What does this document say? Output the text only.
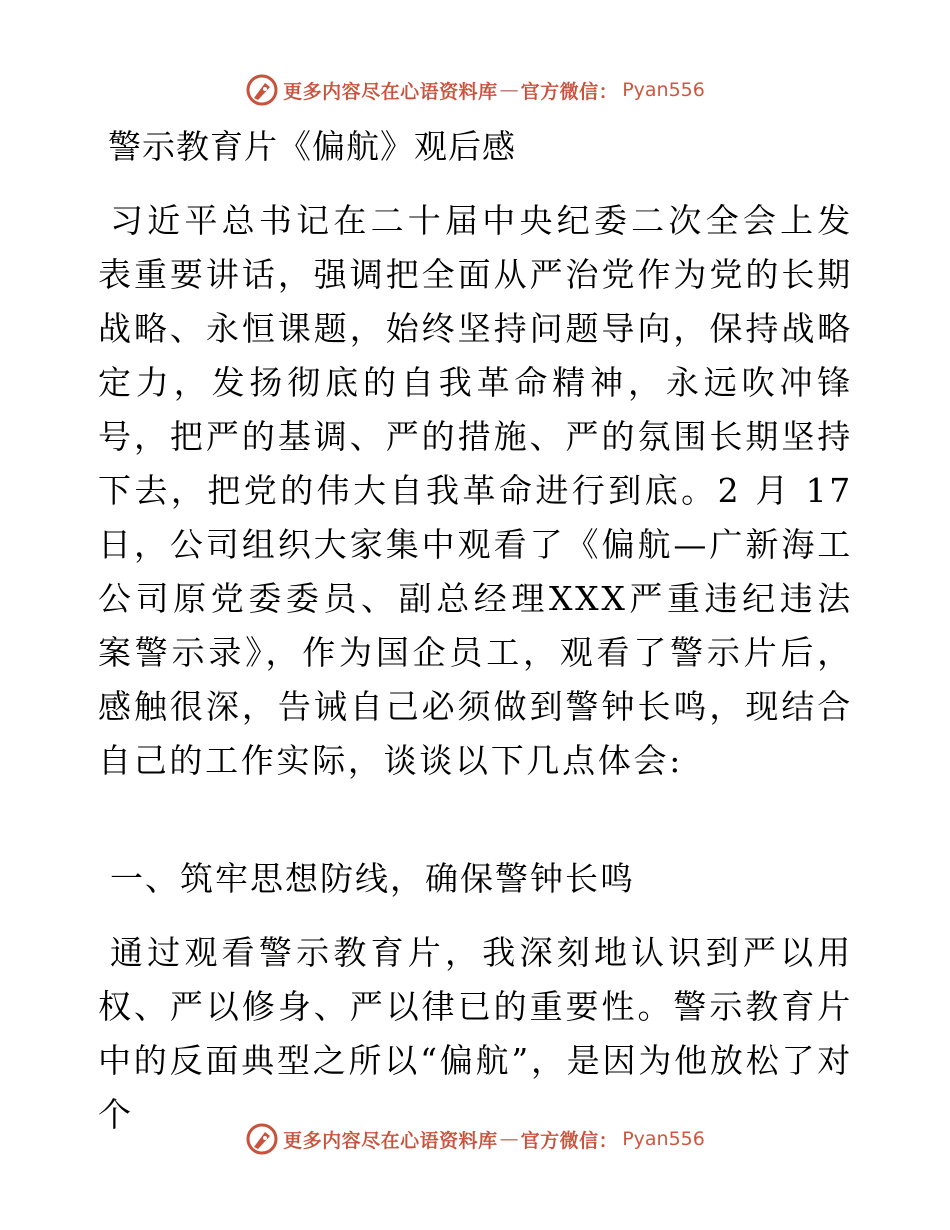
更多内容尽在心语资料库 — 官方微信： Pyan556
警示教育片《偏航》观后感
习近平总书记在二十届中央纪委二次全会上发表重要讲话，强调把全面从严治党作为党的长期战略、永恒课题，始终坚持问题导向，保持战略定力，发扬彻底的自我革命精神，永远吹冲锋号，把严的基调、严的措施、严的氛围长期坚持下去，把党的伟大自我革命进行到底。2 月 17 日，公司组织大家集中观看了《偏航—广新海工公司原党委委员、副总经理XXX严重违纪违法案警示录》，作为国企员工，观看了警示片后，感触很深，告诫自己必须做到警钟长鸣，现结合自己的工作实际，谈谈以下几点体会:
一、筑牢思想防线，确保警钟长鸣
通过观看警示教育片，我深刻地认识到严以用权、严以修身、严以律已的重要性。警示教育片中的反面典型之所以“偏航”，是因为他放松了对个
更多内容尽在心语资料库 — 官方微信： Pyan556
